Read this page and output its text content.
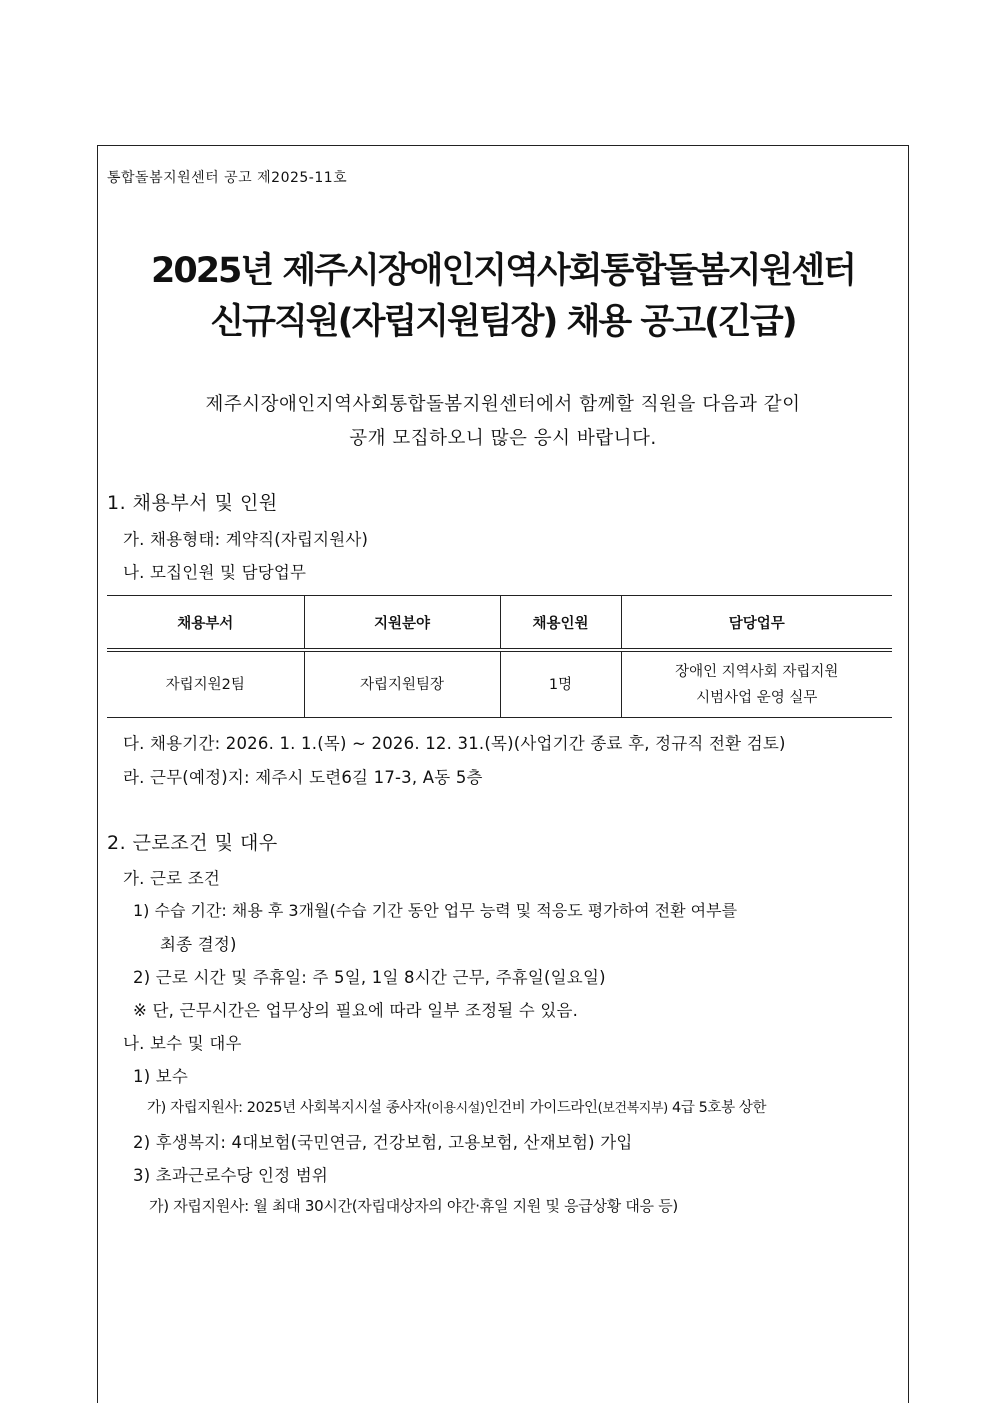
통합돌봄지원센터 공고 제2025-11호
2025년 제주시장애인지역사회통합돌봄지원센터
신규직원(자립지원팀장) 채용 공고(긴급)
제주시장애인지역사회통합돌봄지원센터에서 함께할 직원을 다음과 같이
공개 모집하오니 많은 응시 바랍니다.
1. 채용부서 및 인원
가. 채용형태: 계약직(자립지원사)
나. 모집인원 및 담당업무
채용부서	지원분야	채용인원	담당업무
자립지원2팀	자립지원팀장	1명	장애인 지역사회 자립지원
시범사업 운영 실무
다. 채용기간: 2026. 1. 1.(목) ~ 2026. 12. 31.(목)(사업기간 종료 후, 정규직 전환 검토)
라. 근무(예정)지: 제주시 도련6길 17-3, A동 5층
2. 근로조건 및 대우
가. 근로 조건
1) 수습 기간: 채용 후 3개월(수습 기간 동안 업무 능력 및 적응도 평가하여 전환 여부를
최종 결정)
2) 근로 시간 및 주휴일: 주 5일, 1일 8시간 근무, 주휴일(일요일)
※ 단, 근무시간은 업무상의 필요에 따라 일부 조정될 수 있음.
나. 보수 및 대우
1) 보수
가) 자립지원사: 2025년 사회복지시설 종사자(이용시설)인건비 가이드라인(보건복지부) 4급 5호봉 상한
2) 후생복지: 4대보험(국민연금, 건강보험, 고용보험, 산재보험) 가입
3) 초과근로수당 인정 범위
가) 자립지원사: 월 최대 30시간(자립대상자의 야간·휴일 지원 및 응급상황 대응 등)
